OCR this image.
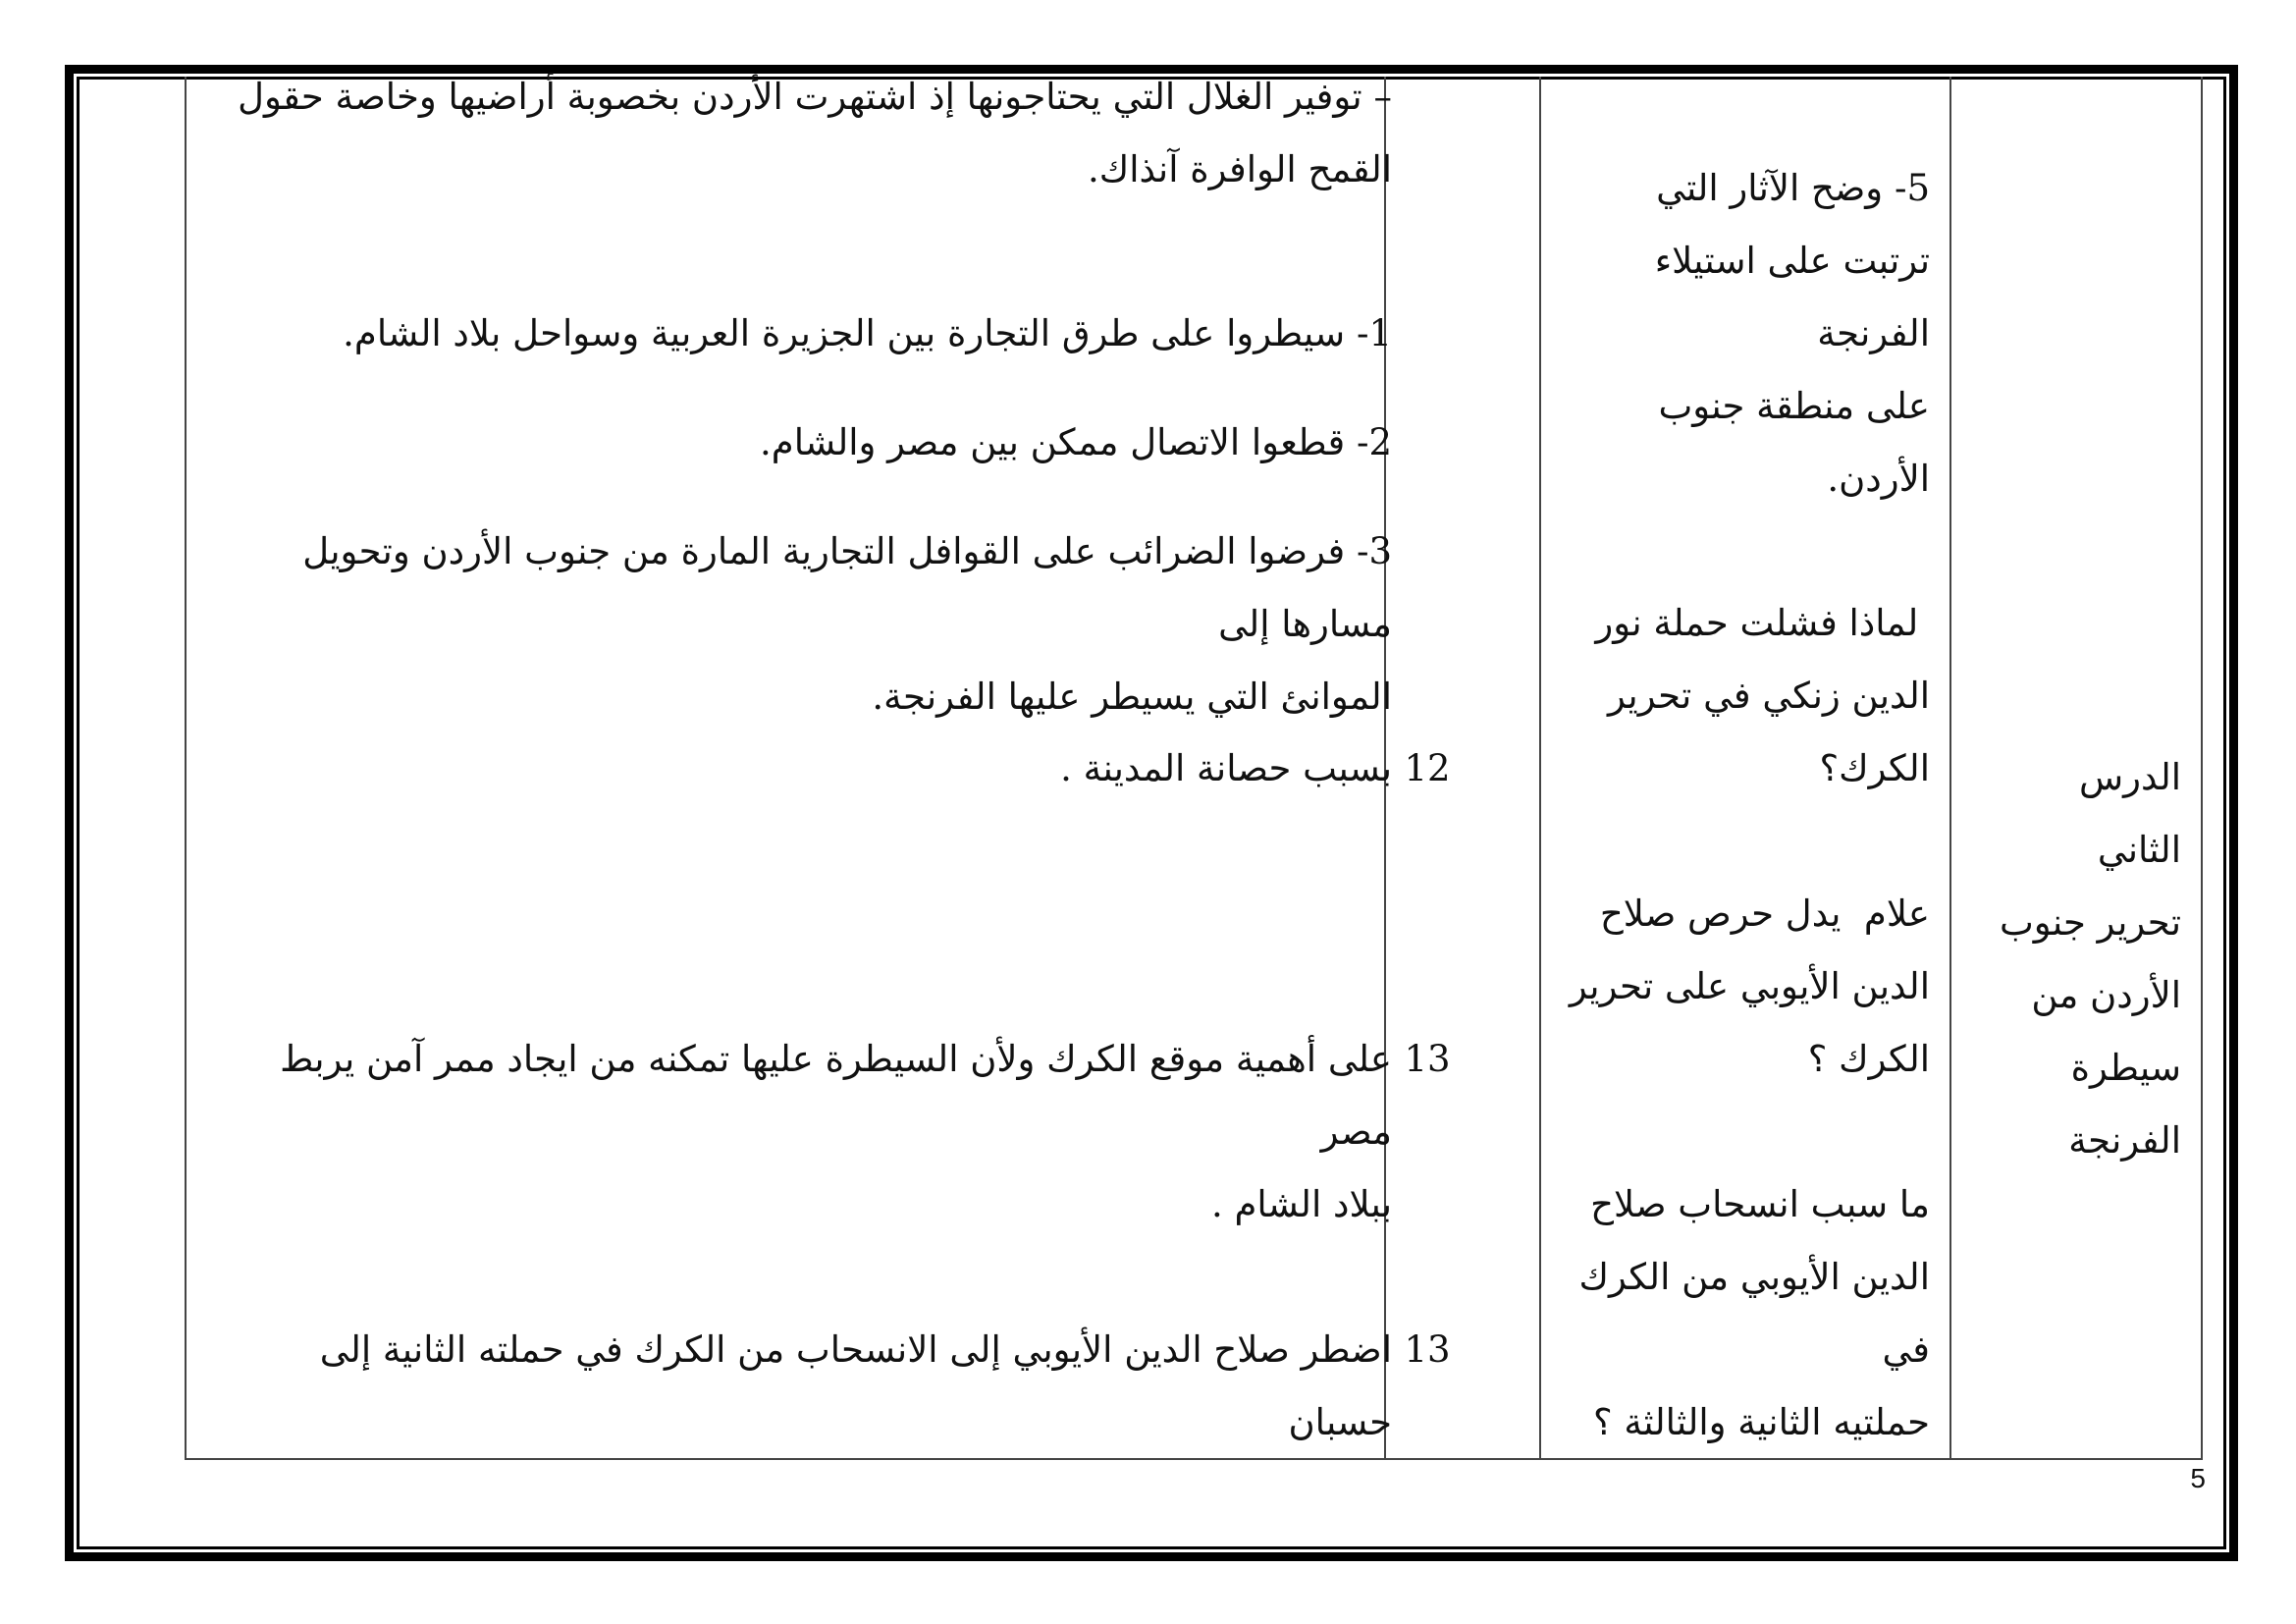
الدرس الثاني
تحرير جنوب
الأردن من
سيطرة الفرنجة
5- وضح الآثار التي
ترتبت على استيلاء الفرنجة
على منطقة جنوب الأردن.
لماذا فشلت حملة نور
الدين زنكي في تحرير
الكرك؟
علام  يدل حرص صلاح
الدين الأيوبي على تحرير
الكرك ؟
ما سبب انسحاب صلاح
الدين الأيوبي من الكرك في
حملتيه الثانية والثالثة ؟
12
13
13
– توفير الغلال التي يحتاجونها إذ اشتهرت الأردن بخصوبة أراضيها وخاصة حقول
القمح الوافرة آنذاك.
1- سيطروا على طرق التجارة بين الجزيرة العربية وسواحل بلاد الشام.
2- قطعوا الاتصال ممكن بين مصر والشام.
3- فرضوا الضرائب على القوافل التجارية المارة من جنوب الأردن وتحويل مسارها إلى
الموانئ التي يسيطر عليها الفرنجة.
بسبب حصانة المدينة .
على أهمية موقع الكرك ولأن السيطرة عليها تمكنه من ايجاد ممر آمن يربط مصر
ببلاد الشام .
اضطر صلاح الدين الأيوبي إلى الانسحاب من الكرك في حملته الثانية إلى حسبان
5
